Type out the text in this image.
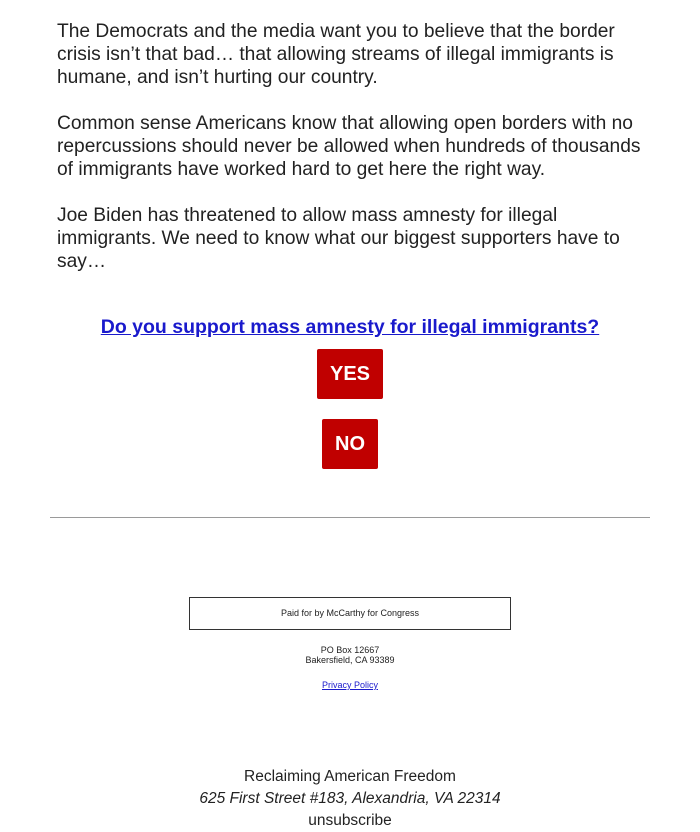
The Democrats and the media want you to believe that the border crisis isn’t that bad… that allowing streams of illegal immigrants is humane, and isn’t hurting our country.

Common sense Americans know that allowing open borders with no repercussions should never be allowed when hundreds of thousands of immigrants have worked hard to get here the right way.

Joe Biden has threatened to allow mass amnesty for illegal immigrants. We need to know what our biggest supporters have to say…

Do you support mass amnesty for illegal immigrants?
YES
NO
Paid for by McCarthy for Congress
PO Box 12667
Bakersfield, CA 93389
Privacy Policy
Reclaiming American Freedom
625 First Street #183, Alexandria, VA 22314
unsubscribe
